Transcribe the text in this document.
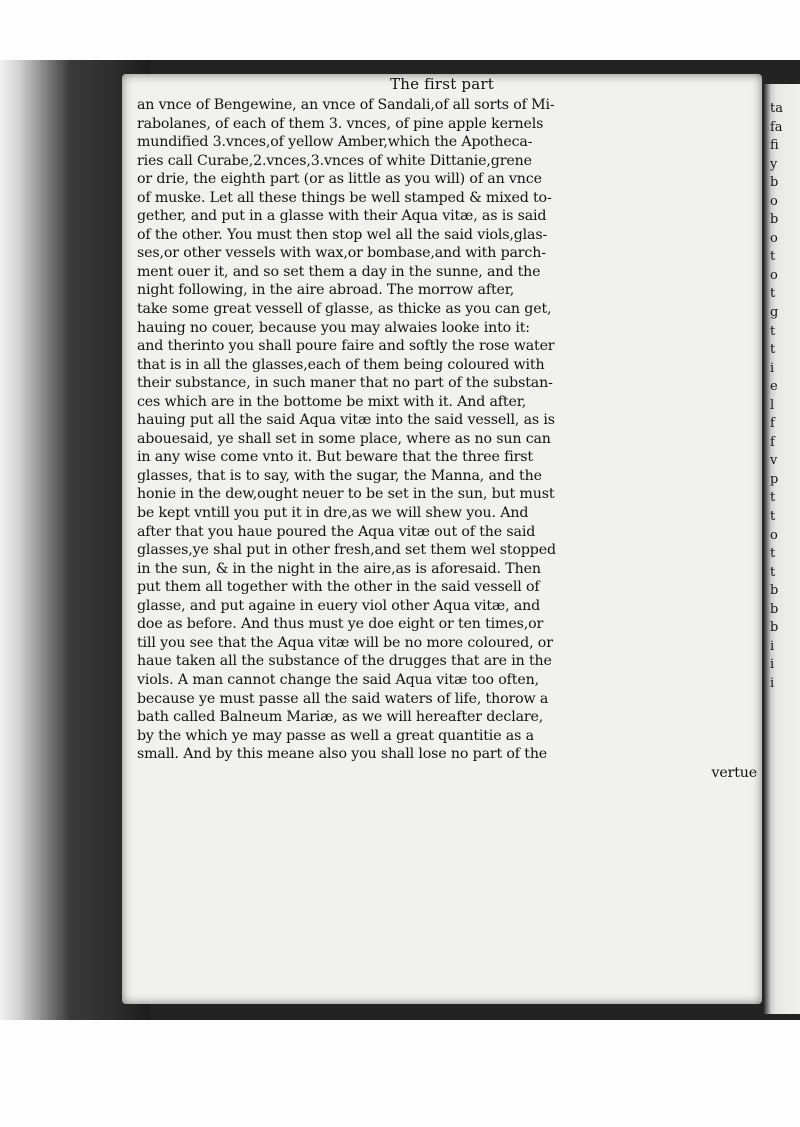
The first part
an vnce of Bengewine, an vnce of Sandali,of all sorts of Mi-
rabolanes, of each of them 3. vnces, of pine apple kernels
mundified 3.vnces,of yellow Amber,which the Apotheca-
ries call Curabe,2.vnces,3.vnces of white Dittanie,grene
or drie, the eighth part (or as little as you will) of an vnce
of muske. Let all these things be well stamped & mixed to-
gether, and put in a glasse with their Aqua vitæ, as is said
of the other. You must then stop wel all the said viols,glas-
ses,or other vessels with wax,or bombase,and with parch-
ment ouer it, and so set them a day in the sunne, and the
night following, in the aire abroad. The morrow after,
take some great vessell of glasse, as thicke as you can get,
hauing no couer, because you may alwaies looke into it:
and therinto you shall poure faire and softly the rose water
that is in all the glasses,each of them being coloured with
their substance, in such maner that no part of the substan-
ces which are in the bottome be mixt with it. And after,
hauing put all the said Aqua vitæ into the said vessell, as is
abouesaid, ye shall set in some place, where as no sun can
in any wise come vnto it. But beware that the three first
glasses, that is to say, with the sugar, the Manna, and the
honie in the dew,ought neuer to be set in the sun, but must
be kept vntill you put it in dre,as we will shew you. And
after that you haue poured the Aqua vitæ out of the said
glasses,ye shal put in other fresh,and set them wel stopped
in the sun, & in the night in the aire,as is aforesaid. Then
put them all together with the other in the said vessell of
glasse, and put againe in euery viol other Aqua vitæ, and
doe as before. And thus must ye doe eight or ten times,or
till you see that the Aqua vitæ will be no more coloured, or
haue taken all the substance of the drugges that are in the
viols. A man cannot change the said Aqua vitæ too often,
because ye must passe all the said waters of life, thorow a
bath called Balneum Mariæ, as we will hereafter declare,
by the which ye may passe as well a great quantitie as a
small. And by this meane also you shall lose no part of the
vertue
ta
fa
fi
y
b
o
b
o
t
o
t
g
t
t
i
e
l
f
f
v
p
t
t
o
t
t
b
b
b
i
i
i
